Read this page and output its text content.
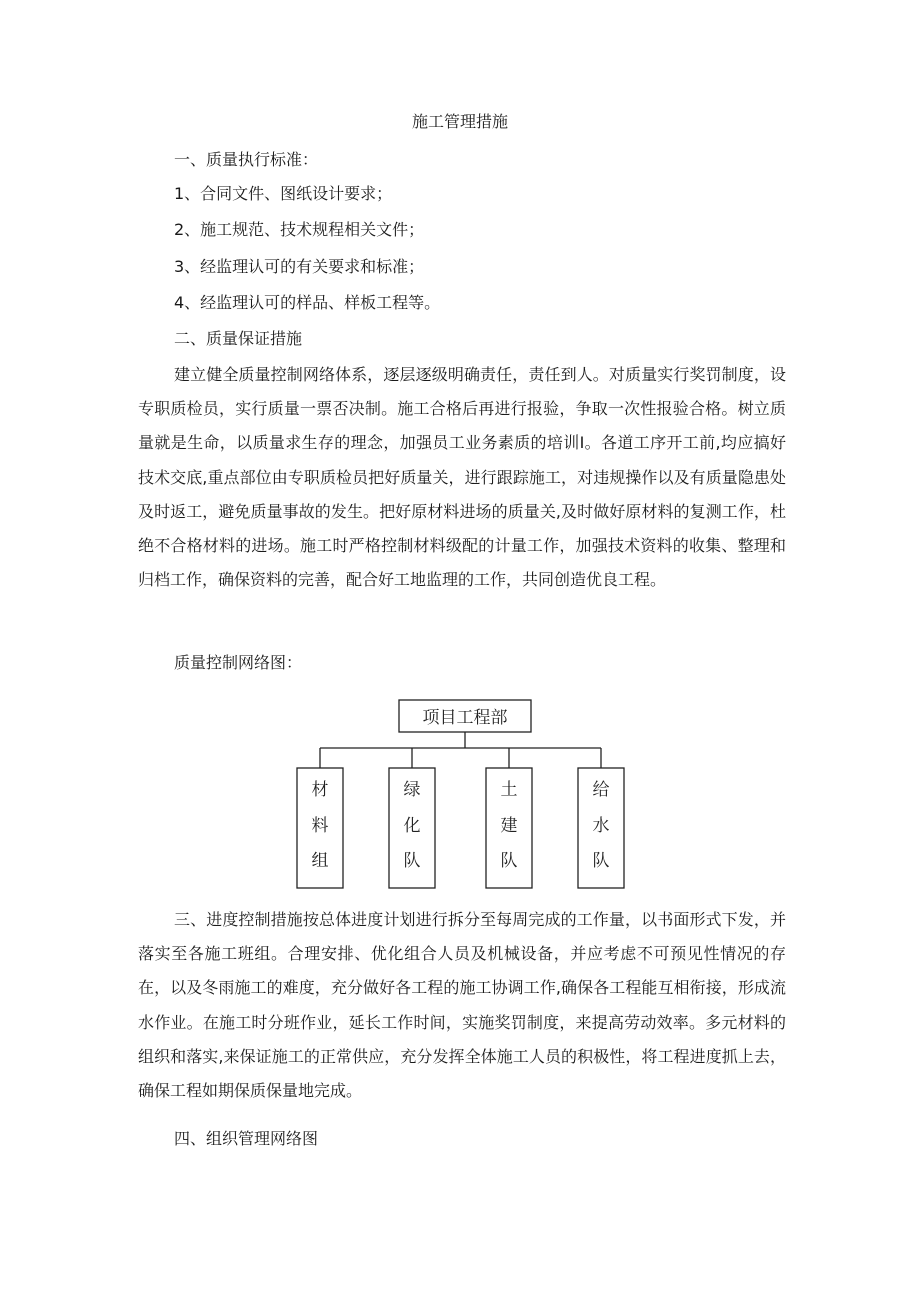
施工管理措施
一、质量执行标准：
1、合同文件、图纸设计要求；
2、施工规范、技术规程相关文件；
3、经监理认可的有关要求和标准；
4、经监理认可的样品、样板工程等。
二、质量保证措施

建立健全质量控制网络体系，逐层逐级明确责任，责任到人。对质量实行奖罚制度，设专职质检员，实行质量一票否决制。施工合格后再进行报验，争取一次性报验合格。树立质量就是生命，以质量求生存的理念，加强员工业务素质的培训I。各道工序开工前,均应搞好技术交底,重点部位由专职质检员把好质量关，进行跟踪施工，对违规操作以及有质量隐患处及时返工，避免质量事故的发生。把好原材料进场的质量关,及时做好原材料的复测工作，杜绝不合格材料的进场。施工时严格控制材料级配的计量工作，加强技术资料的收集、整理和归档工作，确保资料的完善，配合好工地监理的工作，共同创造优良工程。

质量控制网络图：
项目工程部
材
料
组
绿
化
队
土
建
队
给
水
队

三、进度控制措施按总体进度计划进行拆分至每周完成的工作量，以书面形式下发，并落实至各施工班组。合理安排、优化组合人员及机械设备，并应考虑不可预见性情况的存在，以及冬雨施工的难度，充分做好各工程的施工协调工作,确保各工程能互相衔接，形成流水作业。在施工时分班作业，延长工作时间，实施奖罚制度，来提高劳动效率。多元材料的组织和落实,来保证施工的正常供应，充分发挥全体施工人员的积极性，将工程进度抓上去，确保工程如期保质保量地完成。

四、组织管理网络图
